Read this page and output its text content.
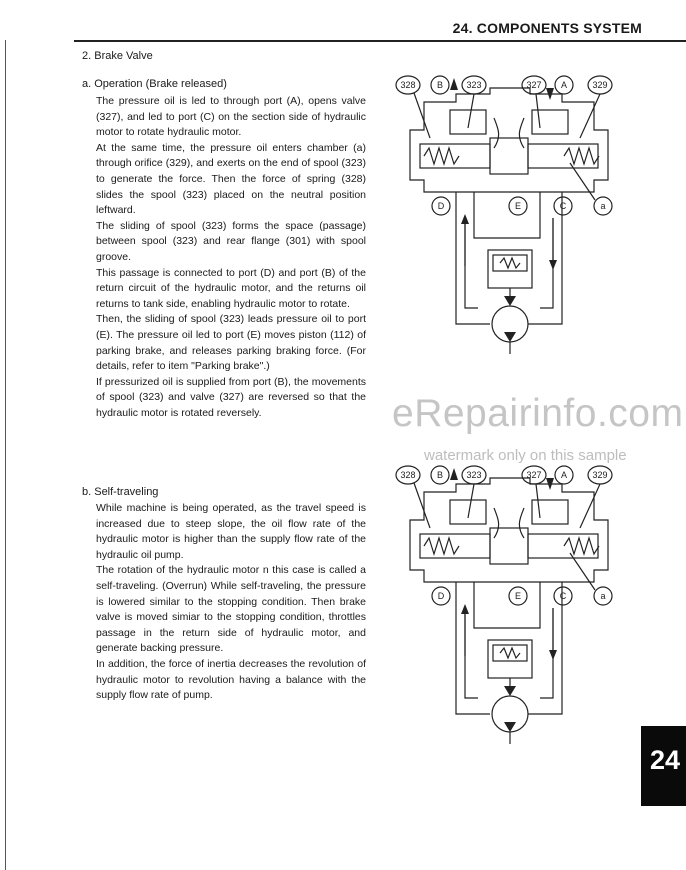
24. COMPONENTS SYSTEM
2. Brake Valve
a. Operation (Brake released)

The pressure oil is led to through port (A), opens valve (327), and led to port (C) on the section side of hydraulic motor to rotate hydraulic motor.

At the same time, the pressure oil enters chamber (a) through orifice (329), and exerts on the end of spool (323) to generate the force. Then the force of spring (328) slides the spool (323) placed on the neutral position leftward.

The sliding of spool (323) forms the space (passage) between spool (323) and rear flange (301) with spool groove.

This passage is connected to port (D) and port (B) of the return circuit of the hydraulic motor, and the returns oil returns to tank side, enabling hydraulic motor to rotate.

Then, the sliding of spool (323) leads pressure oil to port (E). The pressure oil led to port (E) moves piston (112) of parking brake, and releases parking braking force. (For details, refer to item "Parking brake".)

If pressurized oil is supplied from port (B), the movements of spool (323) and valve (327) are reversed so that the hydraulic motor is rotated reversely.

b. Self-traveling

While machine is being operated, as the travel speed is increased due to steep slope, the oil flow rate of the hydraulic motor is higher than the supply flow rate of the hydraulic oil pump.

The rotation of the hydraulic motor n this case is called a self-traveling. (Overrun) While self-traveling, the pressure is lowered similar to the stopping condition. Then brake valve is moved simiar to the stopping condition, throttles passage in the return side of hydraulic motor, and generate backing pressure.

In addition, the force of inertia decreases the revolution of hydraulic motor to revolution having a balance with the supply flow rate of pump.

328 B	323	327 A	329
D	E	C	a
328 B	323	327 A	329
D	E	C	a
eRepairinfo.com
watermark only on this sample
24
